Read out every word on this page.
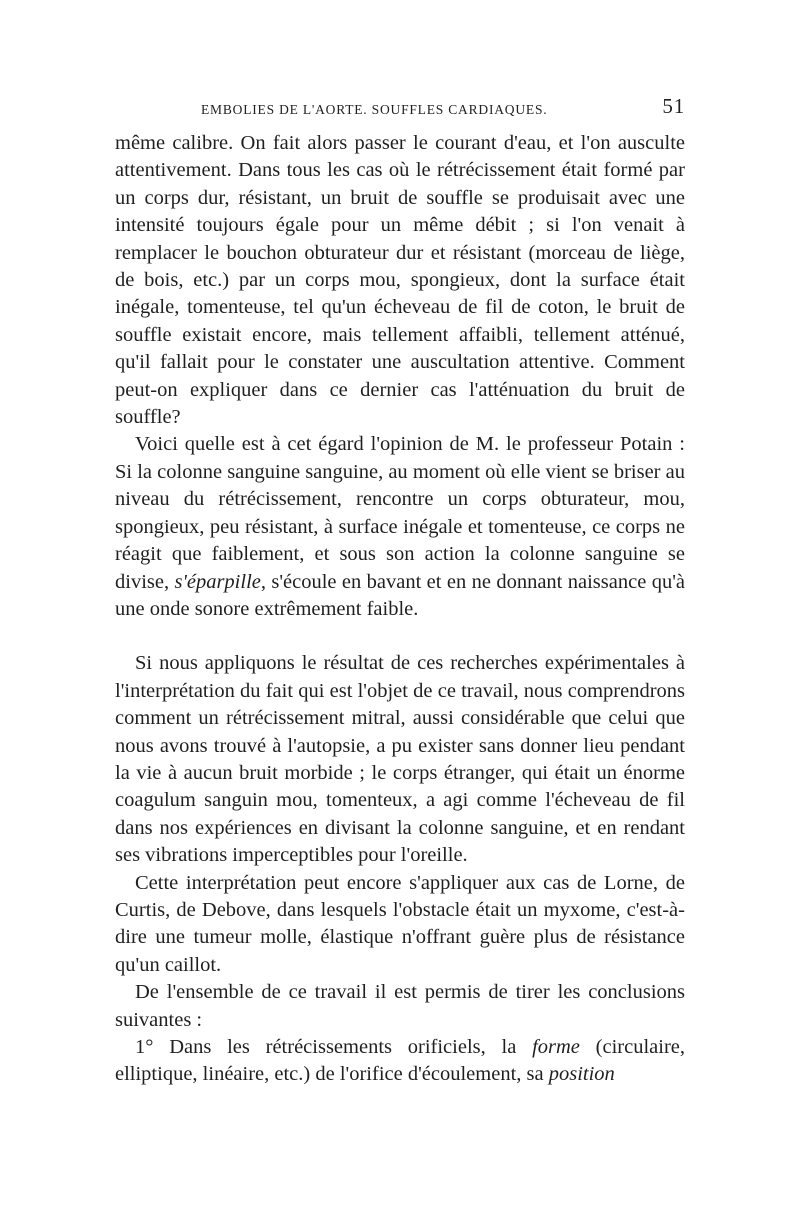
EMBOLIES DE L'AORTE. SOUFFLES CARDIAQUES.	51

même calibre. On fait alors passer le courant d'eau, et l'on ausculte attentivement. Dans tous les cas où le rétrécissement était formé par un corps dur, résistant, un bruit de souffle se produisait avec une intensité toujours égale pour un même débit ; si l'on venait à remplacer le bouchon obturateur dur et résistant (morceau de liège, de bois, etc.) par un corps mou, spongieux, dont la surface était inégale, tomenteuse, tel qu'un écheveau de fil de coton, le bruit de souffle existait encore, mais tellement affaibli, tellement atténué, qu'il fallait pour le constater une auscultation attentive. Comment peut-on expliquer dans ce dernier cas l'atténuation du bruit de souffle?

Voici quelle est à cet égard l'opinion de M. le professeur Potain : Si la colonne sanguine sanguine, au moment où elle vient se briser au niveau du rétrécissement, rencontre un corps obturateur, mou, spongieux, peu résistant, à surface inégale et tomenteuse, ce corps ne réagit que faiblement, et sous son action la colonne sanguine se divise, s'éparpille, s'écoule en bavant et en ne donnant naissance qu'à une onde sonore extrêmement faible.

Si nous appliquons le résultat de ces recherches expérimentales à l'interprétation du fait qui est l'objet de ce travail, nous comprendrons comment un rétrécissement mitral, aussi considérable que celui que nous avons trouvé à l'autopsie, a pu exister sans donner lieu pendant la vie à aucun bruit morbide ; le corps étranger, qui était un énorme coagulum sanguin mou, tomenteux, a agi comme l'écheveau de fil dans nos expériences en divisant la colonne sanguine, et en rendant ses vibrations imperceptibles pour l'oreille.

Cette interprétation peut encore s'appliquer aux cas de Lorne, de Curtis, de Debove, dans lesquels l'obstacle était un myxome, c'est-à-dire une tumeur molle, élastique n'offrant guère plus de résistance qu'un caillot.

De l'ensemble de ce travail il est permis de tirer les conclusions suivantes :

1° Dans les rétrécissements orificiels, la forme (circulaire, elliptique, linéaire, etc.) de l'orifice d'écoulement, sa position
